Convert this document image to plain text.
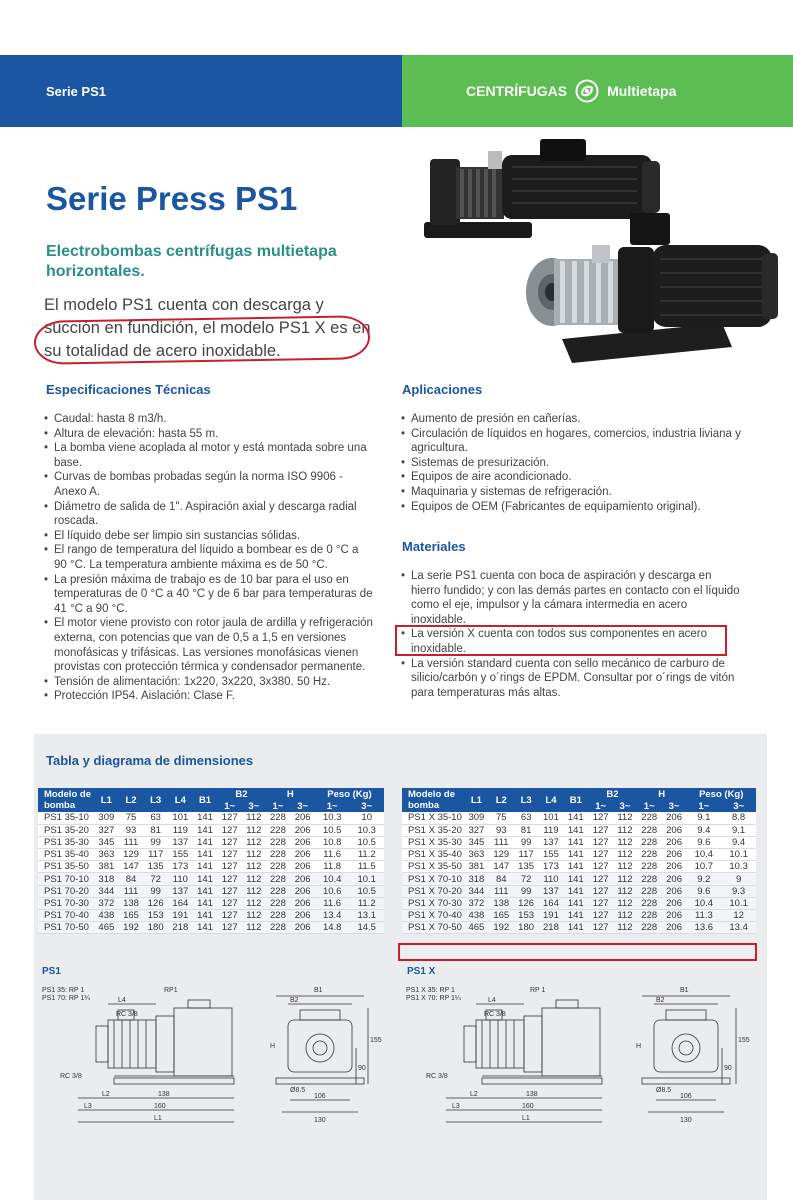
Serie PS1	CENTRÍFUGAS	Multietapa
Serie Press PS1
Electrobombas centrífugas multietapa horizontales.
El modelo PS1 cuenta con descarga y succión en fundición, el modelo PS1 X es en su totalidad de acero inoxidable.
Especificaciones Técnicas
• Caudal: hasta 8 m3/h.
• Altura de elevación: hasta 55 m.
• La bomba viene acoplada al motor y está montada sobre una base.
• Curvas de bombas probadas según la norma ISO 9906 - Anexo A.
• Diámetro de salida de 1". Aspiración axial y descarga radial roscada.
• El líquido debe ser limpio sin sustancias sólidas.
• El rango de temperatura del líquido a bombear es de 0 °C a 90 °C. La temperatura ambiente máxima es de 50 °C.
• La presión máxima de trabajo es de 10 bar para el uso en temperaturas de 0 °C a 40 °C y de 6 bar para temperaturas de 41 °C a 90 °C.
• El motor viene provisto con rotor jaula de ardilla y refrigeración externa, con potencias que van de 0,5 a 1,5 en versiones monofásicas y trifásicas. Las versiones monofásicas vienen provistas con protección térmica y condensador permanente.
• Tensión de alimentación: 1x220, 3x220, 3x380. 50 Hz.
• Protección IP54. Aislación: Clase F.
Aplicaciones
• Aumento de presión en cañerías.
• Circulación de líquidos en hogares, comercios, industria liviana y agricultura.
• Sistemas de presurización.
• Equipos de aire acondicionado.
• Maquinaria y sistemas de refrigeración.
• Equipos de OEM (Fabricantes de equipamiento original).
Materiales
• La serie PS1 cuenta con boca de aspiración y descarga en hierro fundido; y con las demás partes en contacto con el líquido como el eje, impulsor y la cámara intermedia en acero inoxidable.
• La versión X cuenta con todos sus componentes en acero inoxidable.
• La versión standard cuenta con sello mecánico de carburo de silicio/carbón y o´rings de EPDM. Consultar por o´rings de vitón para temperaturas más altas.
Tabla y diagrama de dimensiones
Modelo de bomba	L1	L2	L3	L4	B1	B2		H		Peso (Kg)	
						1~	3~	1~	3~	1~	3~
PS1 35-10	309	75	63	101	141	127	112	228	206	10.3	10
PS1 35-20	327	93	81	119	141	127	112	228	206	10.5	10.3
PS1 35-30	345	111	99	137	141	127	112	228	206	10.8	10.5
PS1 35-40	363	129	117	155	141	127	112	228	206	11.6	11.2
PS1 35-50	381	147	135	173	141	127	112	228	206	11.8	11.5
PS1 70-10	318	84	72	110	141	127	112	228	206	10.4	10.1
PS1 70-20	344	111	99	137	141	127	112	228	206	10.6	10.5
PS1 70-30	372	138	126	164	141	127	112	228	206	11.6	11.2
PS1 70-40	438	165	153	191	141	127	112	228	206	13.4	13.1
PS1 70-50	465	192	180	218	141	127	112	228	206	14.8	14.5
Modelo de bomba	L1	L2	L3	L4	B1	B2		H		Peso (Kg)	
						1~	3~	1~	3~	1~	3~
PS1 X 35-10	309	75	63	101	141	127	112	228	206	9.1	8.8
PS1 X 35-20	327	93	81	119	141	127	112	228	206	9.4	9.1
PS1 X 35-30	345	111	99	137	141	127	112	228	206	9.6	9.4
PS1 X 35-40	363	129	117	155	141	127	112	228	206	10.4	10.1
PS1 X 35-50	381	147	135	173	141	127	112	228	206	10.7	10.3
PS1 X 70-10	318	84	72	110	141	127	112	228	206	9.2	9
PS1 X 70-20	344	111	99	137	141	127	112	228	206	9.6	9.3
PS1 X 70-30	372	138	126	164	141	127	112	228	206	10.4	10.1
PS1 X 70-40	438	165	153	191	141	127	112	228	206	11.3	12
PS1 X 70-50	465	192	180	218	141	127	112	228	206	13.6	13.4
PS1	PS1 X
PS1 35: RP 1
PS1 70: RP 1¼	L4
RP1
RC 3/8
RC 3/8
B1
B2
H
90
155
Ø8.5
L2	138
L3	160
L1
106
130
PS1 X 35: RP 1
PS1 X 70: RP 1¼	L4
RP 1
RC 3/8
RC 3/8
B1
B2
H
90
155
Ø8.5
L2	138
L3	160
L1
106
130
